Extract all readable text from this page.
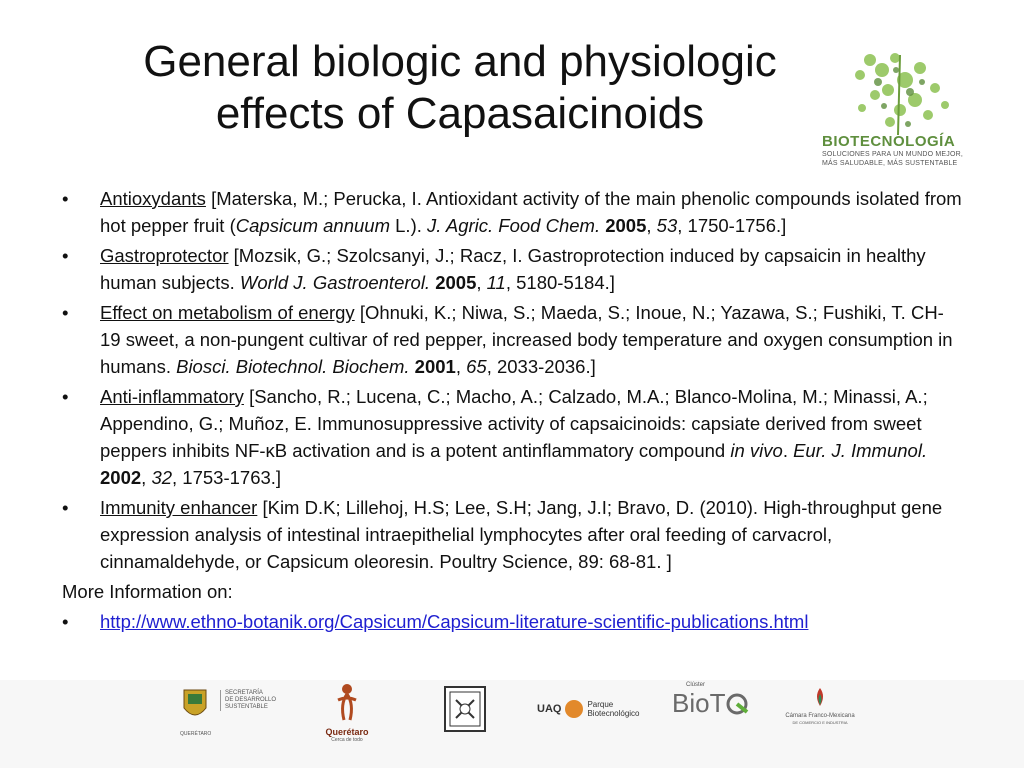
BIOTECNOLOGÍA
SOLUCIONES PARA UN MUNDO MEJOR,
MÁS SALUDABLE, MÁS SUSTENTABLE
General biologic and physiologic
effects of Capasaicinoids
• Antioxydants [Materska, M.; Perucka, I. Antioxidant activity of the main phenolic compounds isolated from hot pepper fruit (Capsicum annuum L.). J. Agric. Food Chem. 2005, 53, 1750-1756.]
• Gastroprotector [Mozsik, G.; Szolcsanyi, J.; Racz, I. Gastroprotection induced by capsaicin in healthy human subjects. World J. Gastroenterol. 2005, 11, 5180-5184.]
• Effect on metabolism of energy [Ohnuki, K.; Niwa, S.; Maeda, S.; Inoue, N.; Yazawa, S.; Fushiki, T. CH-19 sweet, a non-pungent cultivar of red pepper, increased body temperature and oxygen consumption in humans. Biosci. Biotechnol. Biochem. 2001, 65, 2033-2036.]
• Anti-inflammatory [Sancho, R.; Lucena, C.; Macho, A.; Calzado, M.A.; Blanco-Molina, M.; Minassi, A.; Appendino, G.; Muñoz, E. Immunosuppressive activity of capsaicinoids: capsiate derived from sweet peppers inhibits NF-κB activation and is a potent antinflammatory compound in vivo. Eur. J. Immunol. 2002, 32, 1753-1763.]
• Immunity enhancer [Kim D.K; Lillehoj, H.S; Lee, S.H; Jang, J.I; Bravo, D. (2010). High-throughput gene expression analysis of intestinal intraepithelial lymphocytes after oral feeding of carvacrol, cinnamaldehyde, or Capsicum oleoresin. Poultry Science, 89: 68-81. ]
More Information on:
• http://www.ethno-botanik.org/Capsicum/Capsicum-literature-scientific-publications.html
QUERÉTARO
SECRETARÍA
DE DESARROLLO
SUSTENTABLE
Querétaro
Cerca de todo
UAQ	Parque
Biotecnológico
Clúster
BioT	Cámara Franco-Mexicana
DE COMERCIO E INDUSTRIA
